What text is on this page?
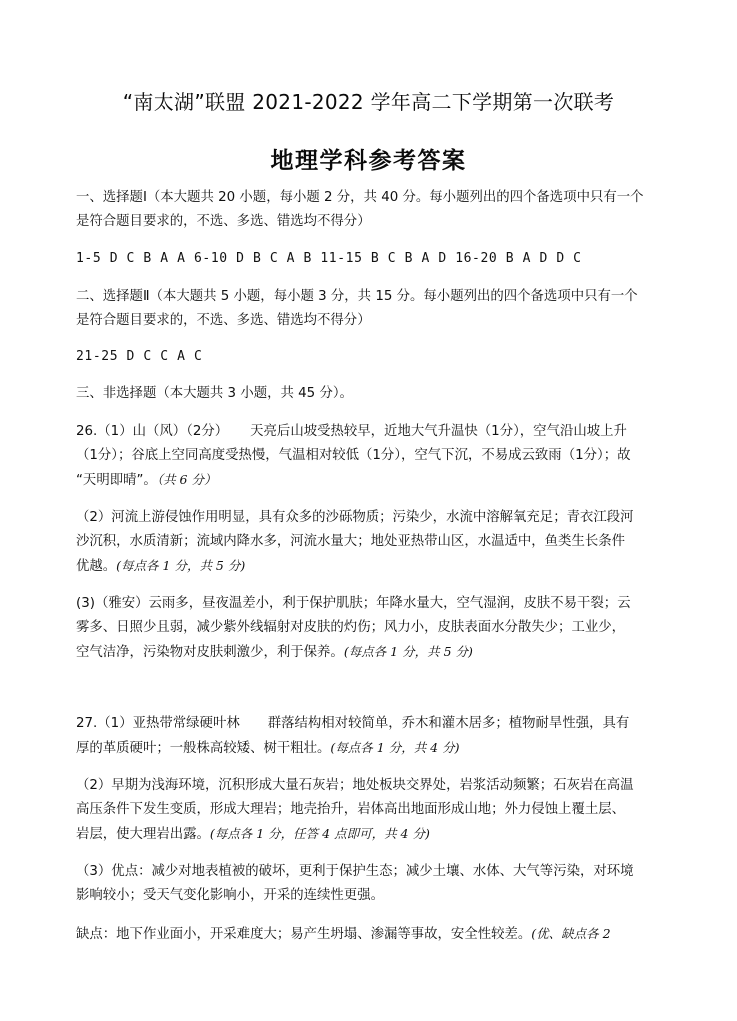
“南太湖”联盟 2021-2022 学年高二下学期第一次联考
地理学科参考答案
一、选择题Ⅰ（本大题共 20 小题，每小题 2 分，共 40 分。每小题列出的四个备选项中只有一个
是符合题目要求的，不选、多选、错选均不得分）
1-5 D C B A A 6-10 D B C A B 11-15 B C B A D 16-20 B A D D C
二、选择题Ⅱ（本大题共 5 小题，每小题 3 分，共 15 分。每小题列出的四个备选项中只有一个
是符合题目要求的，不选、多选、错选均不得分）
21-25 D C C A C
三、非选择题（本大题共 3 小题，共 45 分）。
26.（1）山（风）（2分） 天亮后山坡受热较早，近地大气升温快（1分），空气沿山坡上升
（1分）；谷底上空同高度受热慢，气温相对较低（1分），空气下沉，不易成云致雨（1分）；故
“天明即晴”。（共 6 分）
（2）河流上游侵蚀作用明显，具有众多的沙砾物质；污染少，水流中溶解氧充足；青衣江段河
沙沉积，水质清新；流域内降水多，河流水量大；地处亚热带山区，水温适中，鱼类生长条件
优越。(每点各 1 分，共 5 分)
(3)（雅安）云雨多，昼夜温差小，利于保护肌肤；年降水量大，空气湿润，皮肤不易干裂；云
雾多、日照少且弱，减少紫外线辐射对皮肤的灼伤；风力小，皮肤表面水分散失少；工业少，
空气洁净，污染物对皮肤刺激少，利于保养。(每点各 1 分，共 5 分)
27.（1）亚热带常绿硬叶林 群落结构相对较简单，乔木和灌木居多；植物耐旱性强，具有
厚的革质硬叶；一般株高较矮、树干粗壮。(每点各 1 分，共 4 分)
（2）早期为浅海环境，沉积形成大量石灰岩；地处板块交界处，岩浆活动频繁；石灰岩在高温
高压条件下发生变质，形成大理岩；地壳抬升，岩体高出地面形成山地；外力侵蚀上覆土层、
岩层，使大理岩出露。(每点各 1 分，任答 4 点即可，共 4 分)
（3）优点：减少对地表植被的破坏，更利于保护生态；减少土壤、水体、大气等污染，对环境
影响较小；受天气变化影响小，开采的连续性更强。
缺点：地下作业面小，开采难度大；易产生坍塌、渗漏等事故，安全性较差。(优、缺点各 2
